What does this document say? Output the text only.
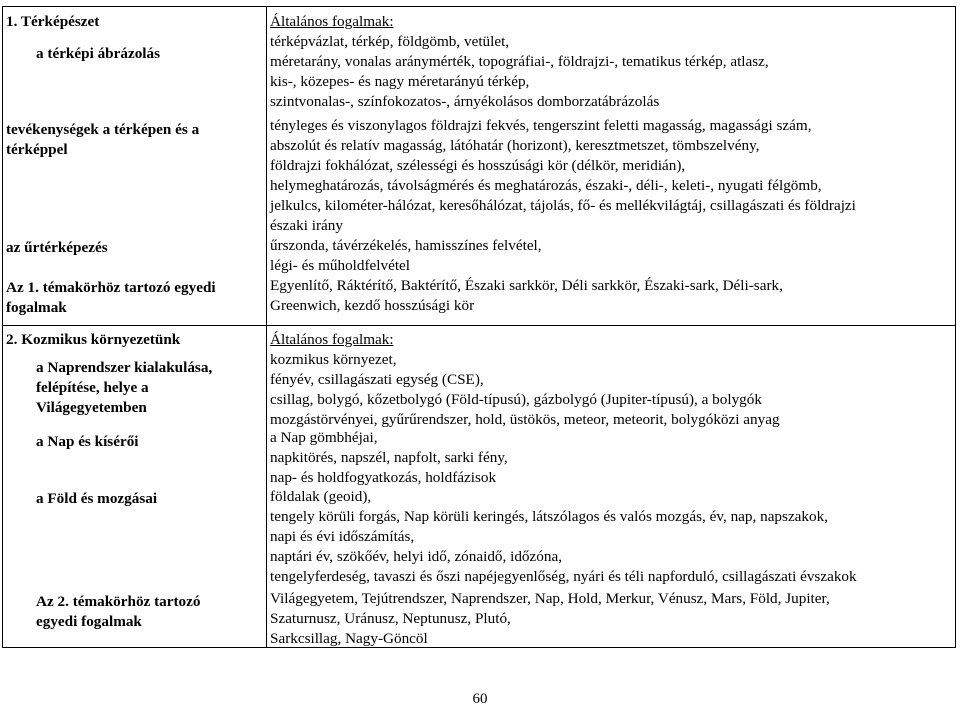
1. Térképészet
a térképi ábrázolás
tevékenységek a térképen és a térképpel
az űrtérképezés
Az 1. témakörhöz tartozó egyedi fogalmak
Általános fogalmak:
térképvázlat, térkép, földgömb, vetület,
méretarány, vonalas aránymérték, topográfiai-, földrajzi-, tematikus térkép, atlasz,
kis-, közepes- és nagy méretarányú térkép,
szintvonalas-, színfokozatos-, árnyékolásos domborzatábrázolás
tényleges és viszonylagos földrajzi fekvés, tengerszint feletti magasság, magassági szám,
abszolút és relatív magasság, látóhatár (horizont), keresztmetszet, tömbszelvény,
földrajzi fokhálózat, szélességi és hosszúsági kör (délkör, meridián),
helymeghatározás, távolságmérés és meghatározás, északi-, déli-, keleti-, nyugati félgömb,
jelkulcs, kilométer-hálózat, keresőhálózat, tájolás, fő- és mellékvilágtáj, csillagászati és földrajzi
északi irány
űrszonda, távérzékelés, hamisszínes felvétel,
légi- és műholdfelvétel
Egyenlítő, Ráktérítő, Baktérítő, Északi sarkkör, Déli sarkkör, Északi-sark, Déli-sark,
Greenwich, kezdő hosszúsági kör
2. Kozmikus környezetünk
a Naprendszer kialakulása, felépítése, helye a Világegyetemben
a Nap és kísérői
a Föld és mozgásai
Az 2. témakörhöz tartozó egyedi fogalmak
Általános fogalmak:
kozmikus környezet,
fényév, csillagászati egység (CSE),
csillag, bolygó, kőzetbolygó (Föld-típusú), gázbolygó (Jupiter-típusú), a bolygók
mozgástörvényei, gyűrűrendszer, hold, üstökös, meteor, meteorit, bolygóközi anyag
a Nap gömbhéjai,
napkitörés, napszél, napfolt, sarki fény,
nap- és holdfogyatkozás, holdfázisok
földalak (geoid),
tengely körüli forgás, Nap körüli keringés, látszólagos és valós mozgás, év, nap, napszakok,
napi és évi időszámítás,
naptári év, szökőév, helyi idő, zónaidő, időzóna,
tengelyferdeség, tavaszi és őszi napéjegyenlőség, nyári és téli napforduló, csillagászati évszakok
Világegyetem, Tejútrendszer, Naprendszer, Nap, Hold, Merkur, Vénusz, Mars, Föld, Jupiter,
Szaturnusz, Uránusz, Neptunusz, Plutó,
Sarkcsillag, Nagy-Göncöl
60
